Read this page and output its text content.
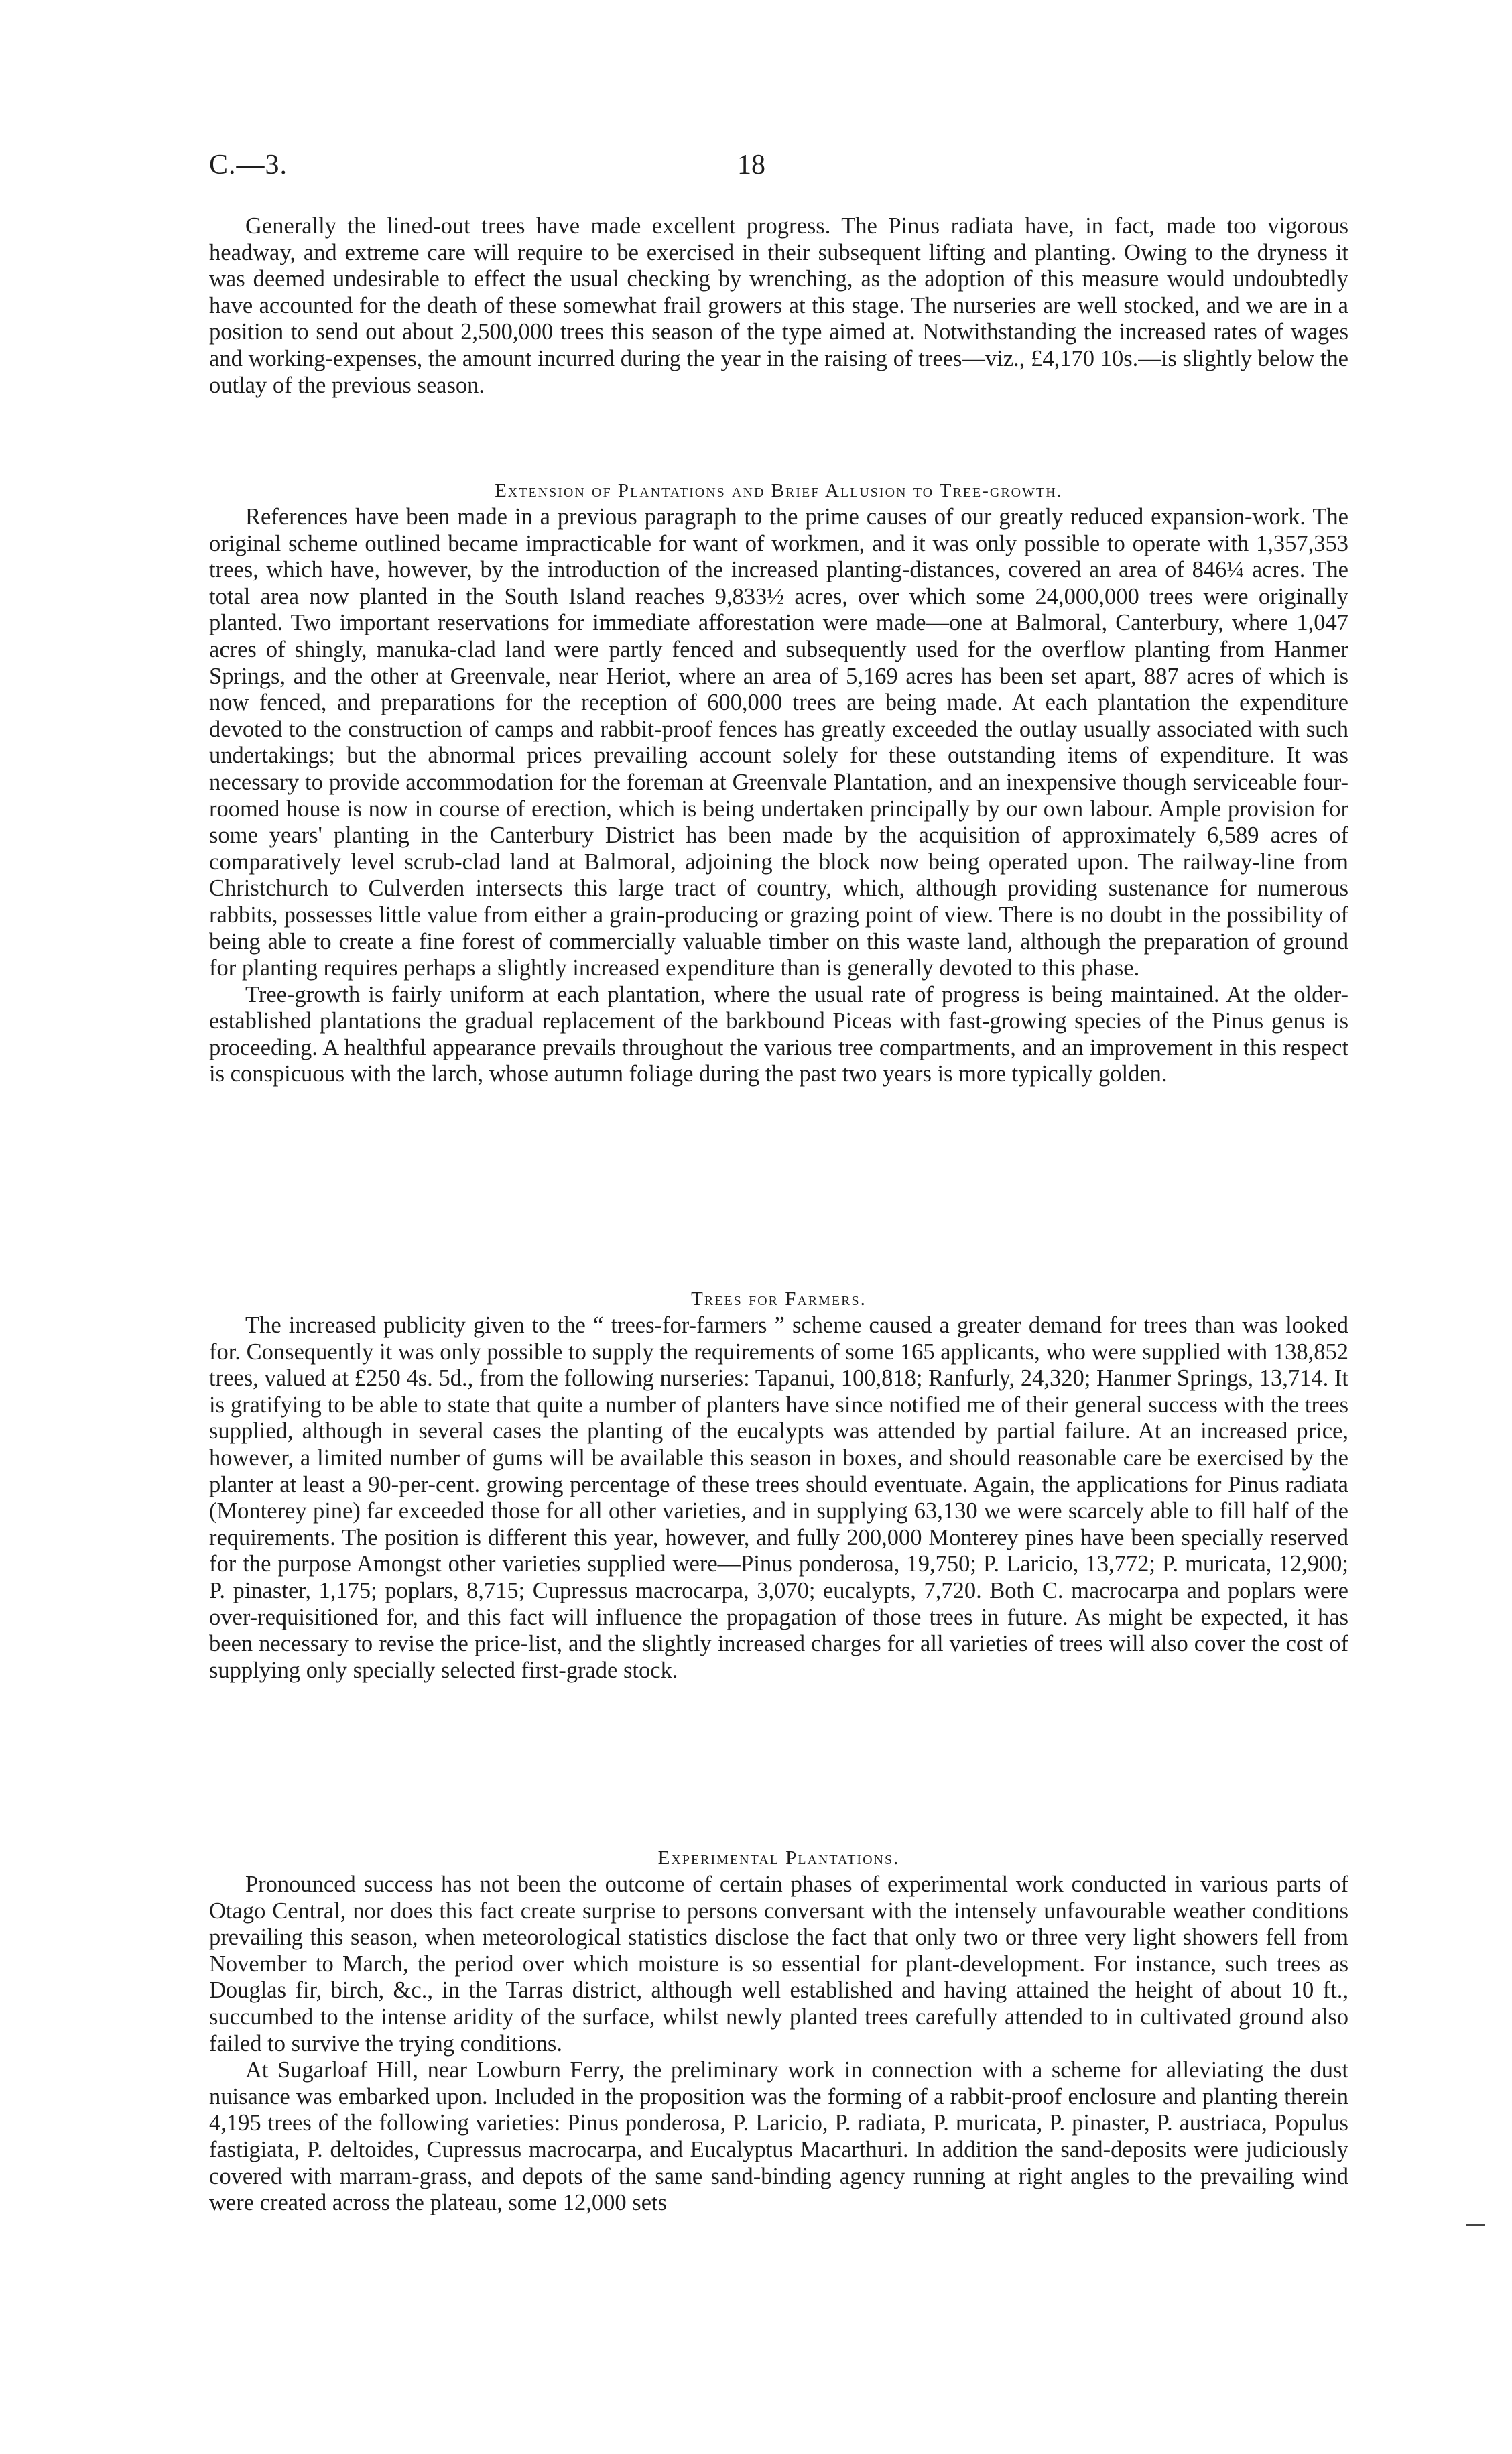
C.—3.	18

Generally the lined-out trees have made excellent progress. The Pinus radiata have, in fact, made too vigorous headway, and extreme care will require to be exercised in their subsequent lifting and planting. Owing to the dryness it was deemed undesirable to effect the usual checking by wrenching, as the adoption of this measure would undoubtedly have accounted for the death of these somewhat frail growers at this stage. The nurseries are well stocked, and we are in a position to send out about 2,500,000 trees this season of the type aimed at. Notwithstanding the increased rates of wages and working-expenses, the amount incurred during the year in the raising of trees—viz., £4,170 10s.—is slightly below the outlay of the previous season.

Extension of Plantations and Brief Allusion to Tree-growth.

References have been made in a previous paragraph to the prime causes of our greatly reduced expansion-work. The original scheme outlined became impracticable for want of workmen, and it was only possible to operate with 1,357,353 trees, which have, however, by the introduction of the increased planting-distances, covered an area of 846¼ acres. The total area now planted in the South Island reaches 9,833½ acres, over which some 24,000,000 trees were originally planted. Two important reservations for immediate afforestation were made—one at Balmoral, Canterbury, where 1,047 acres of shingly, manuka-clad land were partly fenced and subsequently used for the overflow planting from Hanmer Springs, and the other at Greenvale, near Heriot, where an area of 5,169 acres has been set apart, 887 acres of which is now fenced, and preparations for the reception of 600,000 trees are being made. At each plantation the expenditure devoted to the construction of camps and rabbit-proof fences has greatly exceeded the outlay usually associated with such undertakings; but the abnormal prices prevailing account solely for these outstanding items of expenditure. It was necessary to provide accommodation for the foreman at Greenvale Plantation, and an inexpensive though serviceable four-roomed house is now in course of erection, which is being undertaken principally by our own labour. Ample provision for some years' planting in the Canterbury District has been made by the acquisition of approximately 6,589 acres of comparatively level scrub-clad land at Balmoral, adjoining the block now being operated upon. The railway-line from Christchurch to Culverden intersects this large tract of country, which, although providing sustenance for numerous rabbits, possesses little value from either a grain-producing or grazing point of view. There is no doubt in the possibility of being able to create a fine forest of commercially valuable timber on this waste land, although the preparation of ground for planting requires perhaps a slightly increased expenditure than is generally devoted to this phase.

Tree-growth is fairly uniform at each plantation, where the usual rate of progress is being maintained. At the older-established plantations the gradual replacement of the barkbound Piceas with fast-growing species of the Pinus genus is proceeding. A healthful appearance prevails throughout the various tree compartments, and an improvement in this respect is conspicuous with the larch, whose autumn foliage during the past two years is more typically golden.

Trees for Farmers.

The increased publicity given to the “ trees-for-farmers ” scheme caused a greater demand for trees than was looked for. Consequently it was only possible to supply the requirements of some 165 applicants, who were supplied with 138,852 trees, valued at £250 4s. 5d., from the following nurseries: Tapanui, 100,818; Ranfurly, 24,320; Hanmer Springs, 13,714. It is gratifying to be able to state that quite a number of planters have since notified me of their general success with the trees supplied, although in several cases the planting of the eucalypts was attended by partial failure. At an increased price, however, a limited number of gums will be available this season in boxes, and should reasonable care be exercised by the planter at least a 90-per-cent. growing percentage of these trees should eventuate. Again, the applications for Pinus radiata (Monterey pine) far exceeded those for all other varieties, and in supplying 63,130 we were scarcely able to fill half of the requirements. The position is different this year, however, and fully 200,000 Monterey pines have been specially reserved for the purpose Amongst other varieties supplied were—Pinus ponderosa, 19,750; P. Laricio, 13,772; P. muricata, 12,900; P. pinaster, 1,175; poplars, 8,715; Cupressus macrocarpa, 3,070; eucalypts, 7,720. Both C. macrocarpa and poplars were over-requisitioned for, and this fact will influence the propagation of those trees in future. As might be expected, it has been necessary to revise the price-list, and the slightly increased charges for all varieties of trees will also cover the cost of supplying only specially selected first-grade stock.

Experimental Plantations.

Pronounced success has not been the outcome of certain phases of experimental work conducted in various parts of Otago Central, nor does this fact create surprise to persons conversant with the intensely unfavourable weather conditions prevailing this season, when meteorological statistics disclose the fact that only two or three very light showers fell from November to March, the period over which moisture is so essential for plant-development. For instance, such trees as Douglas fir, birch, &c., in the Tarras district, although well established and having attained the height of about 10 ft., succumbed to the intense aridity of the surface, whilst newly planted trees carefully attended to in cultivated ground also failed to survive the trying conditions.

At Sugarloaf Hill, near Lowburn Ferry, the preliminary work in connection with a scheme for alleviating the dust nuisance was embarked upon. Included in the proposition was the forming of a rabbit-proof enclosure and planting therein 4,195 trees of the following varieties: Pinus ponderosa, P. Laricio, P. radiata, P. muricata, P. pinaster, P. austriaca, Populus fastigiata, P. deltoides, Cupressus macrocarpa, and Eucalyptus Macarthuri. In addition the sand-deposits were judiciously covered with marram-grass, and depots of the same sand-binding agency running at right angles to the prevailing wind were created across the plateau, some 12,000 sets
